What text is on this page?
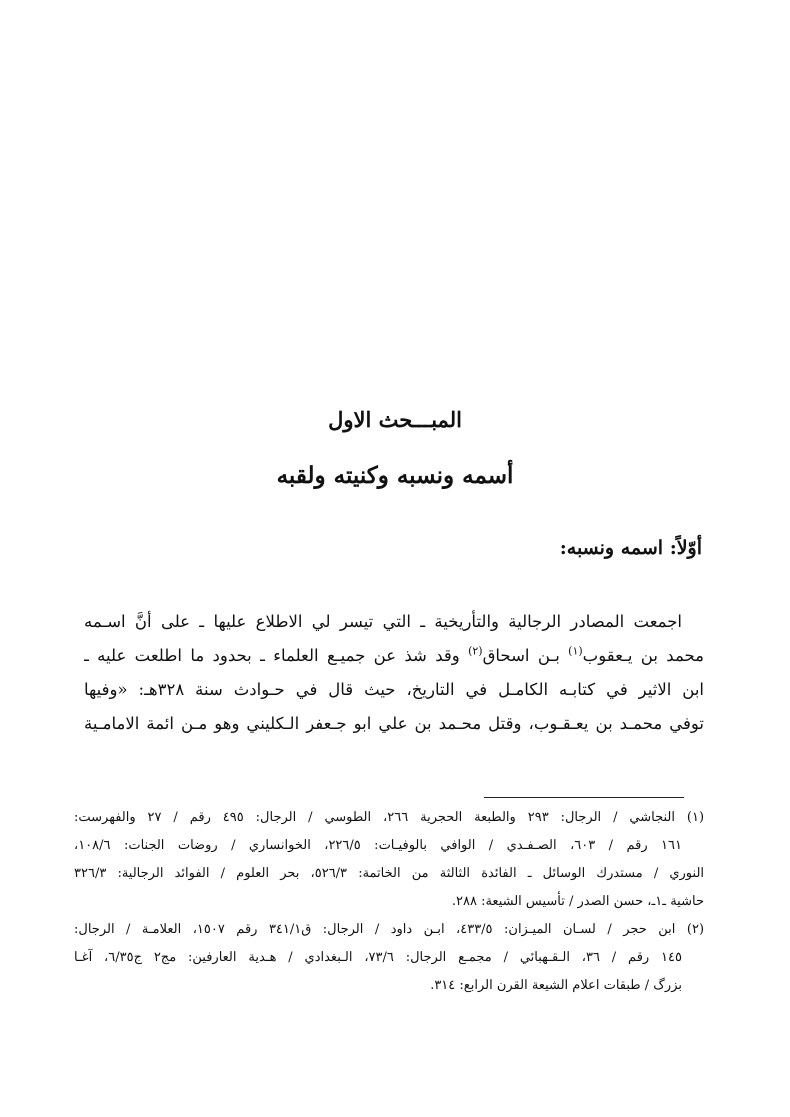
المبـــحث الاول
أسمه ونسبه وكنيته ولقبه
أوّلاً: اسمه ونسبه:
اجمعت المصادر الرجالية والتأريخية ـ التي تيسر لي الاطلاع عليها ـ على أنَّ اسـمه
محمد بن يـعقوب$^{(١)}$ بـن اسحاق$^{(٢)}$ وقد شذ عن جميـع العلماء ـ بحدود ما اطلعت عليه ـ
ابن الاثير في كتابـه الكامـل في التاريخ، حيث قال في حـوادث سنة ٣٢٨هـ: «وفيها
توفي محمـد بن يعـقـوب، وقتل محـمد بن علي ابو جـعفر الـكليني وهو مـن ائمة الامامـية
(١) النجاشي / الرجال: ٢٩٣ والطبعة الحجرية ٢٦٦، الطوسي / الرجال: ٤٩٥ رقم / ٢٧ والفهرست:
١٦١ رقم / ٦٠٣، الصـفـدي / الوافي بالوفيـات: ٢٢٦/٥، الخوانساري / روضات الجنات: ١٠٨/٦،
النوري / مستدرك الوسائل ـ الفائدة الثالثة من الخاتمة: ٥٢٦/٣، بحر العلوم / الفوائد الرجالية: ٣٢٦/٣
حاشية ـ١ـ، حسن الصدر / تأسيس الشيعة: ٢٨٨.
(٢) ابن حجر / لسـان الميـزان: ٤٣٣/٥، ابـن داود / الرجال: ق٣٤١/١ رقم ١٥٠٧، العلامـة / الرجال:
١٤٥ رقم / ٣٦، الـقـهبائي / مجمـع الرجال: ٧٣/٦، الـبغدادي / هـدية العارفين: مج٢ ج٦/٣٥، آغـا
بزرگ / طبقات اعلام الشيعة القرن الرابع: ٣١٤.
